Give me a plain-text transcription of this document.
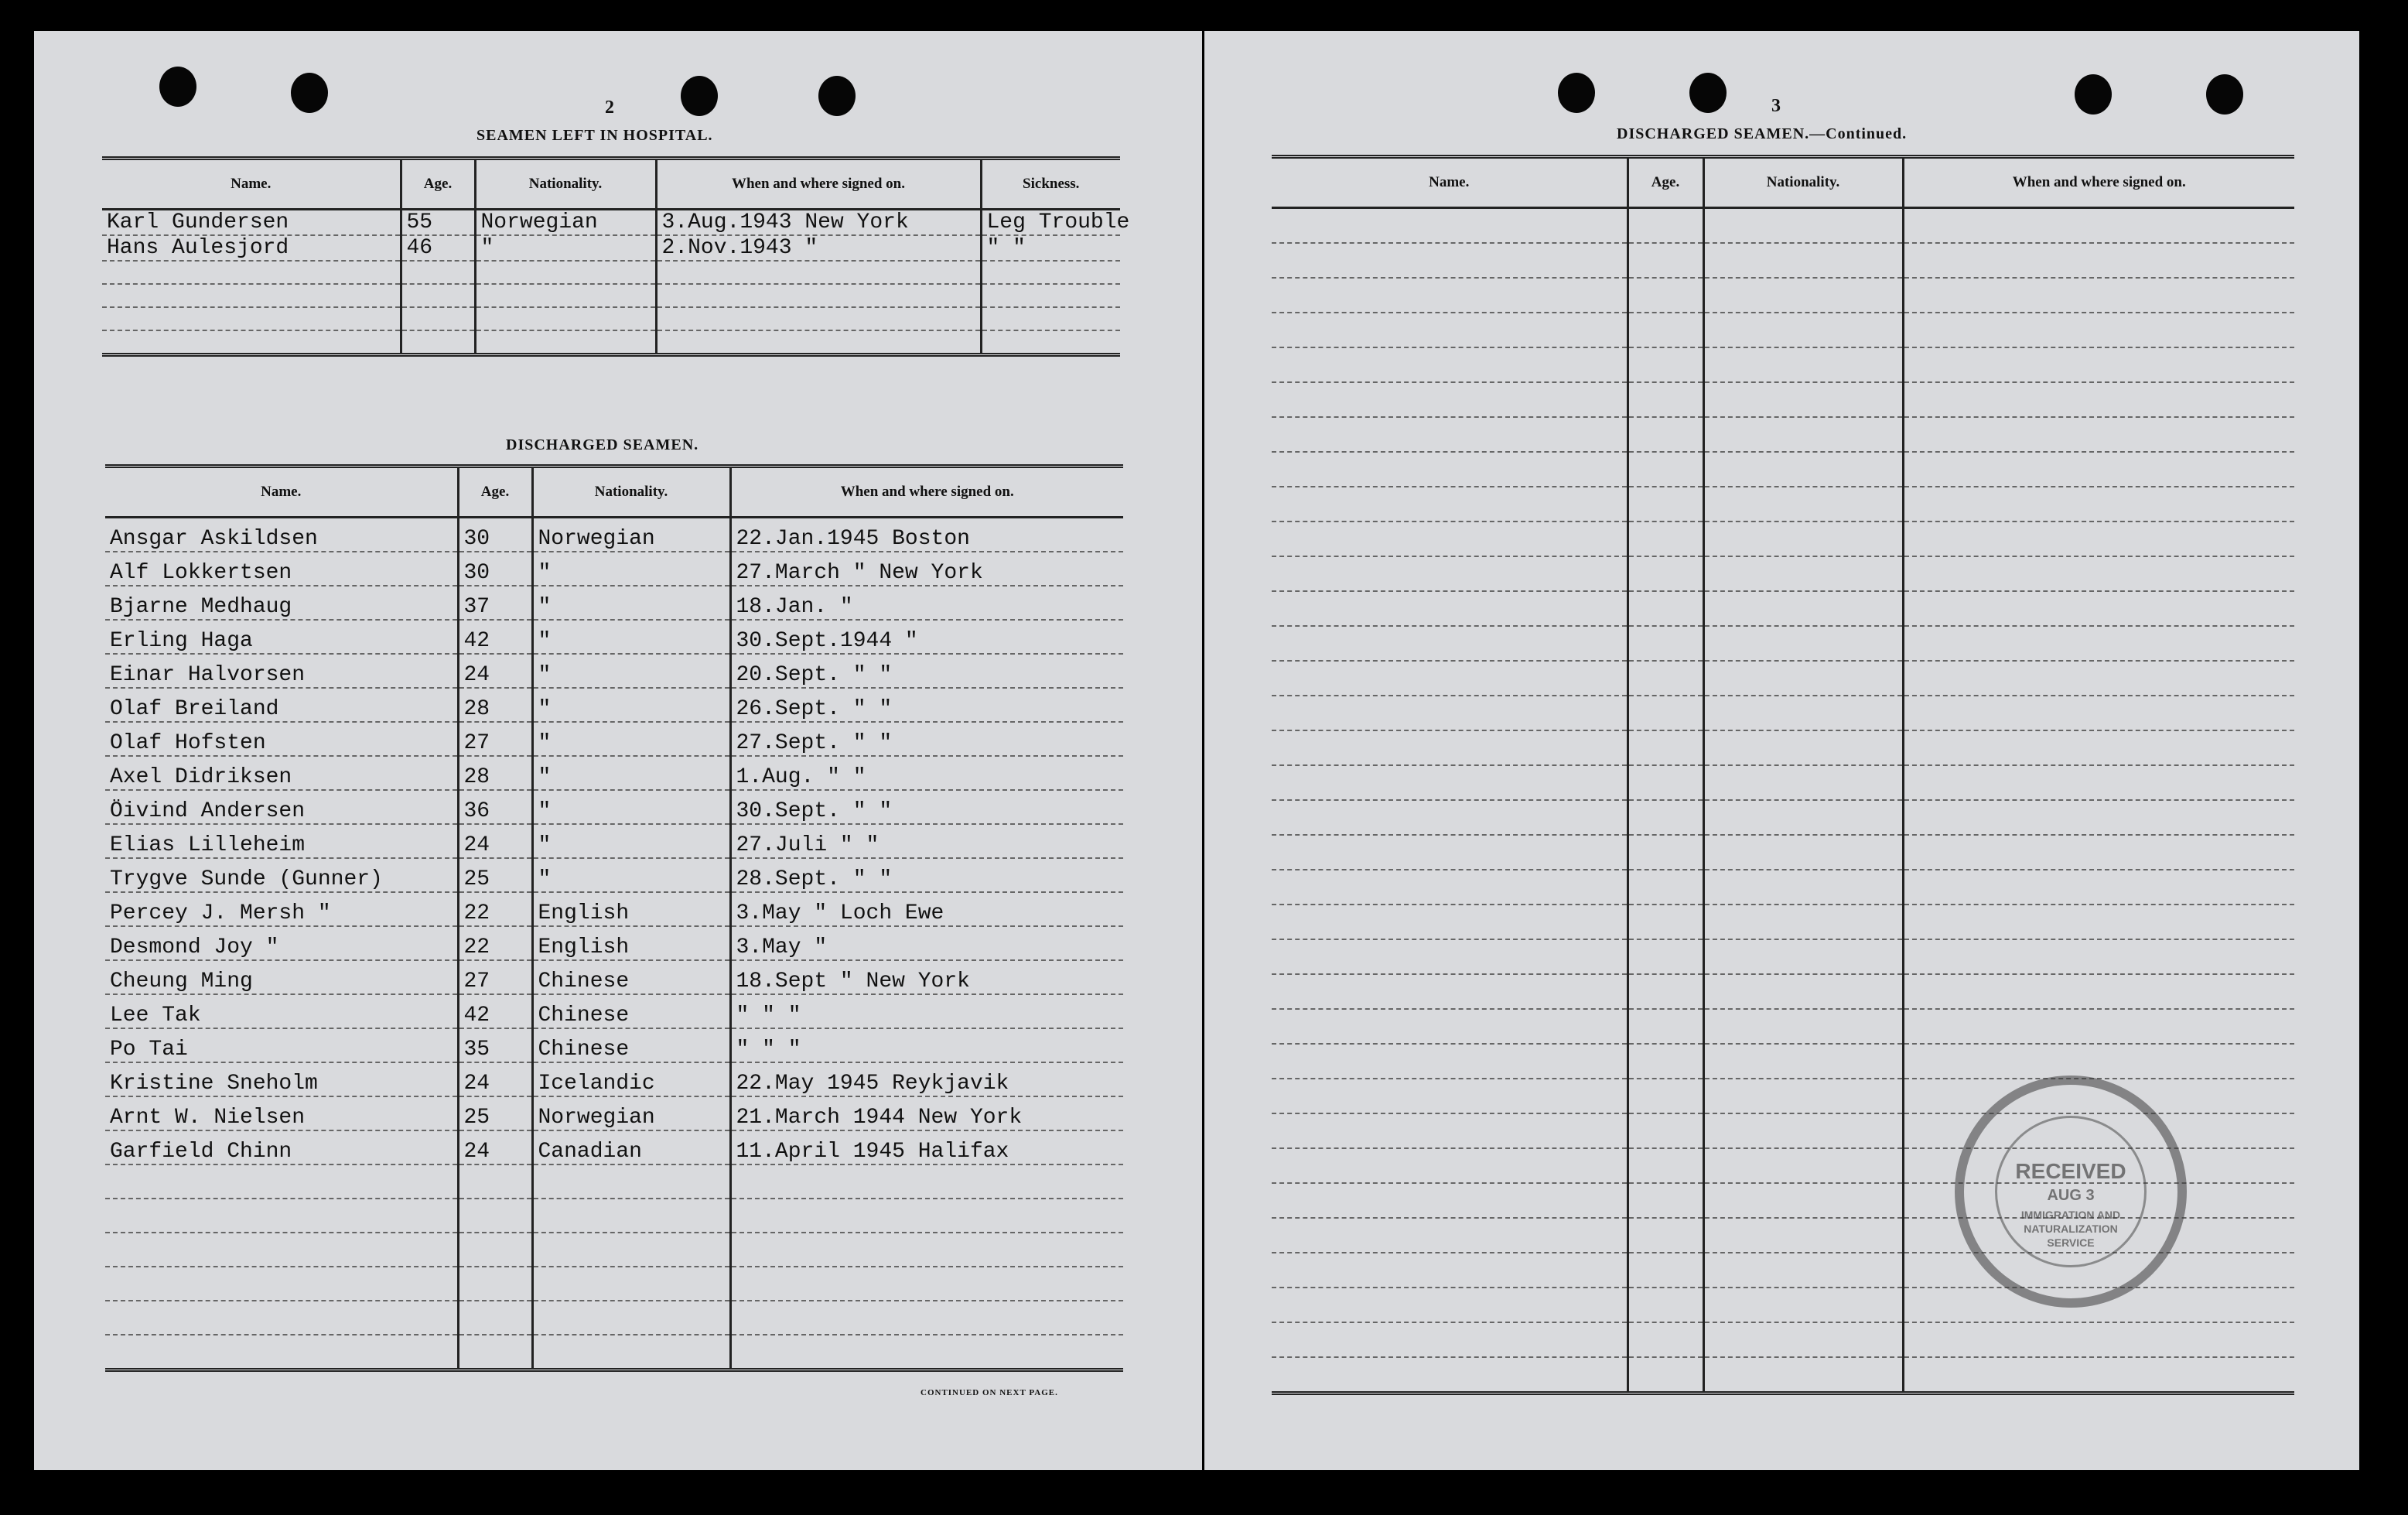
2
SEAMEN LEFT IN HOSPITAL.
Name.	Age.	Nationality.	When and where signed on.	Sickness.
Karl Gundersen	55	Norwegian	3.Aug.1943 New York	Leg Trouble
Hans Aulesjord	46	"	2.Nov.1943 "	" "

DISCHARGED SEAMEN.
Name.	Age.	Nationality.	When and where signed on.
Ansgar Askildsen	30	Norwegian	22.Jan.1945 Boston
Alf Lokkertsen	30	"	27.March " New York
Bjarne Medhaug	37	"	18.Jan. "
Erling Haga	42	"	30.Sept.1944 "
Einar Halvorsen	24	"	20.Sept. " "
Olaf Breiland	28	"	26.Sept. " "
Olaf Hofsten	27	"	27.Sept. " "
Axel Didriksen	28	"	1.Aug. " "
Öivind Andersen	36	"	30.Sept. " "
Elias Lilleheim	24	"	27.Juli " "
Trygve Sunde (Gunner)	25	"	28.Sept. " "
Percey J. Mersh "	22	English	3.May " Loch Ewe
Desmond Joy "	22	English	3.May "
Cheung Ming	27	Chinese	18.Sept " New York
Lee Tak	42	Chinese	" " "
Po Tai	35	Chinese	" " "
Kristine Sneholm	24	Icelandic	22.May 1945 Reykjavik
Arnt W. Nielsen	25	Norwegian	21.March 1944 New York
Garfield Chinn	24	Canadian	11.April 1945 Halifax

CONTINUED ON NEXT PAGE.
3
DISCHARGED SEAMEN.—Continued.
Name.	Age.	Nationality.	When and where signed on.

RECEIVED
AUG 3
IMMIGRATION AND
NATURALIZATION
SERVICE
